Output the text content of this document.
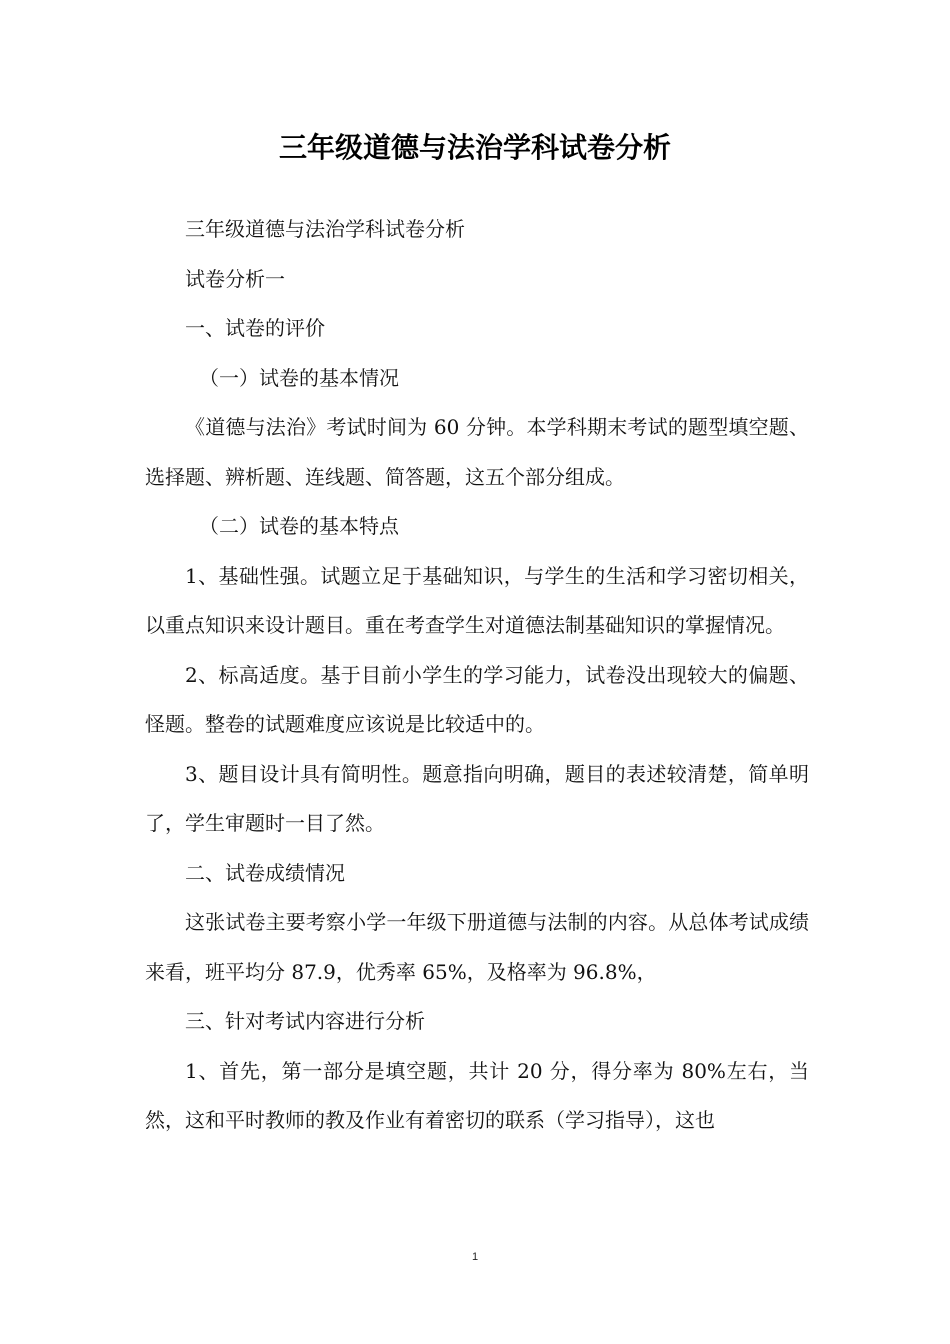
三年级道德与法治学科试卷分析

三年级道德与法治学科试卷分析

试卷分析一

一、试卷的评价

（一）试卷的基本情况

《道德与法治》考试时间为 60 分钟。本学科期末考试的题型填空题、选择题、辨析题、连线题、简答题，这五个部分组成。

（二）试卷的基本特点

1、基础性强。试题立足于基础知识，与学生的生活和学习密切相关，以重点知识来设计题目。重在考查学生对道德法制基础知识的掌握情况。

2、标高适度。基于目前小学生的学习能力，试卷没出现较大的偏题、怪题。整卷的试题难度应该说是比较适中的。

3、题目设计具有简明性。题意指向明确，题目的表述较清楚，简单明了，学生审题时一目了然。

二、试卷成绩情况

这张试卷主要考察小学一年级下册道德与法制的内容。从总体考试成绩来看，班平均分 87.9，优秀率 65%，及格率为 96.8%，

三、针对考试内容进行分析

1、首先，第一部分是填空题，共计 20 分，得分率为 80%左右，当然，这和平时教师的教及作业有着密切的联系（学习指导），这也

1
